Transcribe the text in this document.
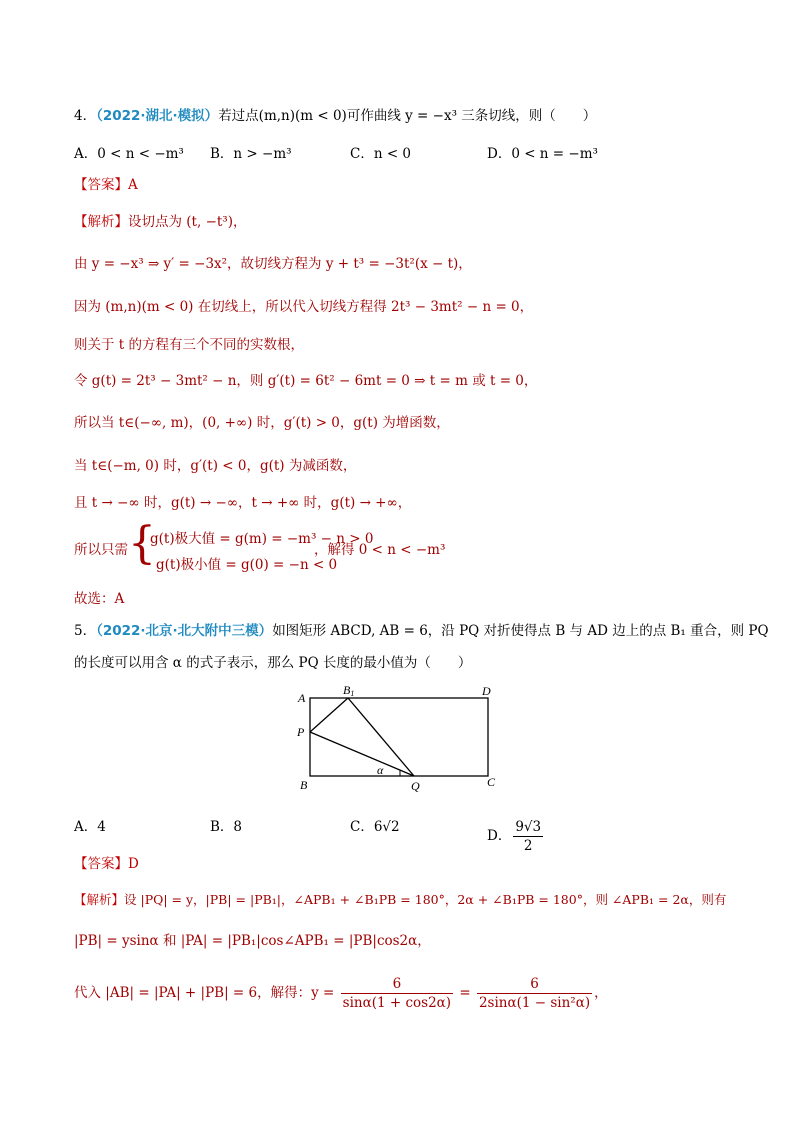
4．（2022·湖北·模拟）若过点(m,n)(m < 0)可作曲线 y = −x³ 三条切线，则（　　）
A．0 < n < −m³ B．n > −m³	C．n < 0	D．0 < n = −m³
【答案】A
【解析】设切点为 (t, −t³)，
由 y = −x³ ⇒ y′ = −3x²，故切线方程为 y + t³ = −3t²(x − t)，
因为 (m,n)(m < 0) 在切线上，所以代入切线方程得 2t³ − 3mt² − n = 0，
则关于 t 的方程有三个不同的实数根，
令 g(t) = 2t³ − 3mt² − n，则 g′(t) = 6t² − 6mt = 0 ⇒ t = m 或 t = 0，
所以当 t∈(−∞, m)，(0, +∞) 时，g′(t) > 0，g(t) 为增函数，
当 t∈(−m, 0) 时，g′(t) < 0，g(t) 为减函数，
且 t → −∞ 时，g(t) → −∞，t → +∞ 时，g(t) → +∞，
所以只需 {
g(t)极大值 = g(m) = −m³ − n > 0
g(t)极小值 = g(0) = −n < 0
，解得 0 < n < −m³
故选：A
5．（2022·北京·北大附中三模）如图矩形 ABCD, AB = 6，沿 PQ 对折使得点 B 与 AD 边上的点 B₁ 重合，则 PQ
的长度可以用含 α 的式子表示，那么 PQ 长度的最小值为（　　）
A
B1	D
P
B	Q	C
α
A．4	B．8	C．6√2
D． $\frac{9√3}{2}$
【答案】D
【解析】设 |PQ| = y，|PB| = |PB₁|，∠APB₁ + ∠B₁PB = 180°，2α + ∠B₁PB = 180°，则 ∠APB₁ = 2α，则有
|PB| = ysinα 和 |PA| = |PB₁|cos∠APB₁ = |PB|cos2α，
代入 |AB| = |PA| + |PB| = 6，解得：$y = \frac{6}{\sin\alpha(1 + \cos 2\alpha)} = \frac{6}{\text{2sinα(1 − sin²α)}}$ ，
